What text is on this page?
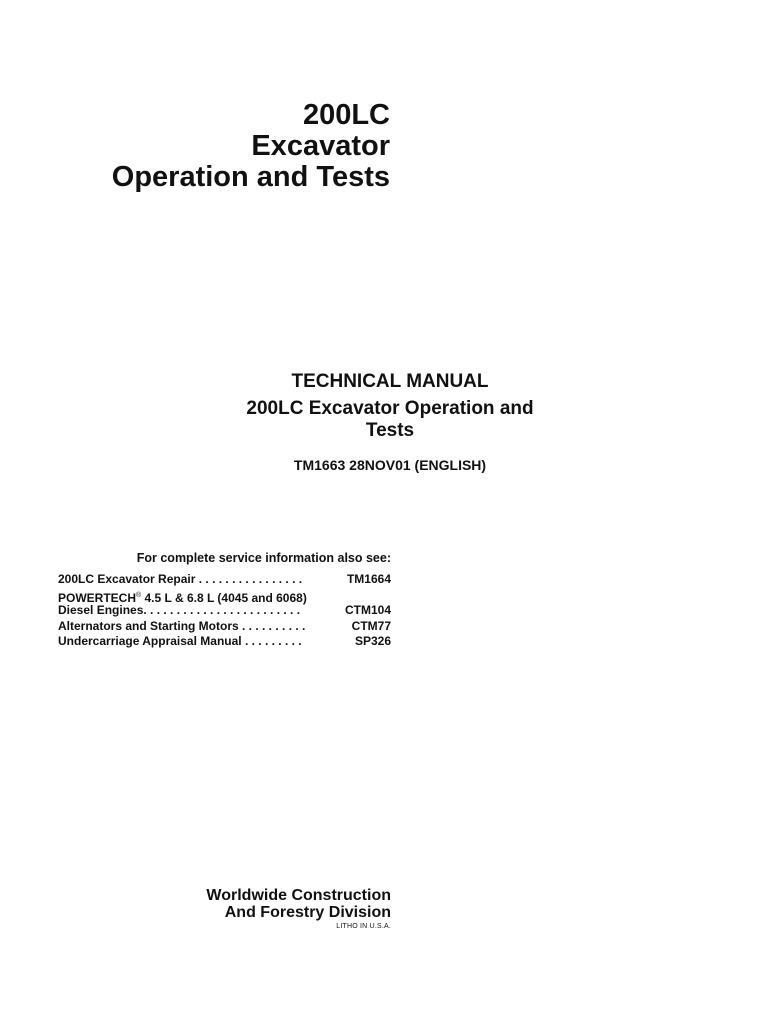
200LC
Excavator
Operation and Tests
TECHNICAL MANUAL
200LC Excavator Operation and
Tests
TM1663 28NOV01 (ENGLISH)
For complete service information also see:
200LC Excavator Repair . . . . . . . . . . . . . . . .	TM1664
POWERTECH® 4.5 L & 6.8 L (4045 and 6068)
Diesel Engines. . . . . . . . . . . . . . . . . . . . . . . .	CTM104
Alternators and Starting Motors . . . . . . . . . .	CTM77
Undercarriage Appraisal Manual . . . . . . . . .	SP326
Worldwide Construction
And Forestry Division
LITHO IN U.S.A.
